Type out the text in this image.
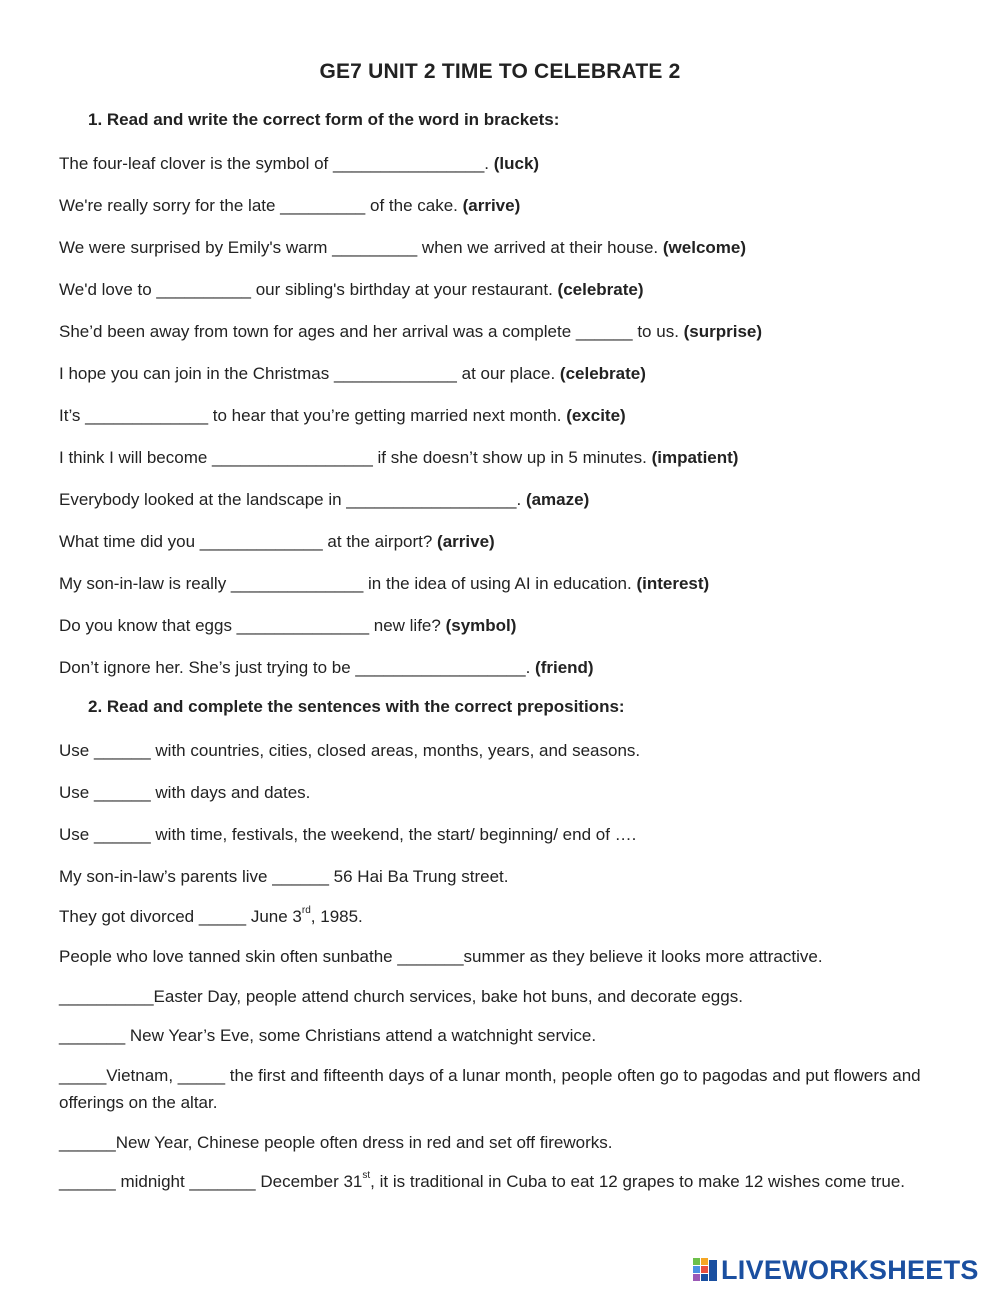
GE7 UNIT 2 TIME TO CELEBRATE 2
1. Read and write the correct form of the word in brackets:
The four-leaf clover is the symbol of ________________. (luck)
We're really sorry for the late _________ of the cake. (arrive)
We were surprised by Emily's warm _________ when we arrived at their house. (welcome)
We'd love to __________ our sibling's birthday at your restaurant. (celebrate)
She’d been away from town for ages and her arrival was a complete ______ to us. (surprise)
I hope you can join in the Christmas _____________ at our place. (celebrate)
It’s _____________ to hear that you’re getting married next month. (excite)
I think I will become _________________ if she doesn’t show up in 5 minutes. (impatient)
Everybody looked at the landscape in __________________. (amaze)
What time did you _____________ at the airport? (arrive)
My son-in-law is really ______________ in the idea of using AI in education. (interest)
Do you know that eggs ______________ new life? (symbol)
Don’t ignore her. She’s just trying to be __________________. (friend)
2. Read and complete the sentences with the correct prepositions:
Use ______ with countries, cities, closed areas, months, years, and seasons.
Use ______ with days and dates.
Use ______ with time, festivals, the weekend, the start/ beginning/ end of ….
My son-in-law’s parents live ______ 56 Hai Ba Trung street.
They got divorced _____ June 3rd, 1985.
People who love tanned skin often sunbathe _______summer as they believe it looks more attractive.
__________Easter Day, people attend church services, bake hot buns, and decorate eggs.
_______ New Year’s Eve, some Christians attend a watchnight service.
_____Vietnam, _____ the first and fifteenth days of a lunar month, people often go to pagodas and put flowers and offerings on the altar.
______New Year, Chinese people often dress in red and set off fireworks.
______ midnight _______ December 31st, it is traditional in Cuba to eat 12 grapes to make 12 wishes come true.
LIVEWORKSHEETS
